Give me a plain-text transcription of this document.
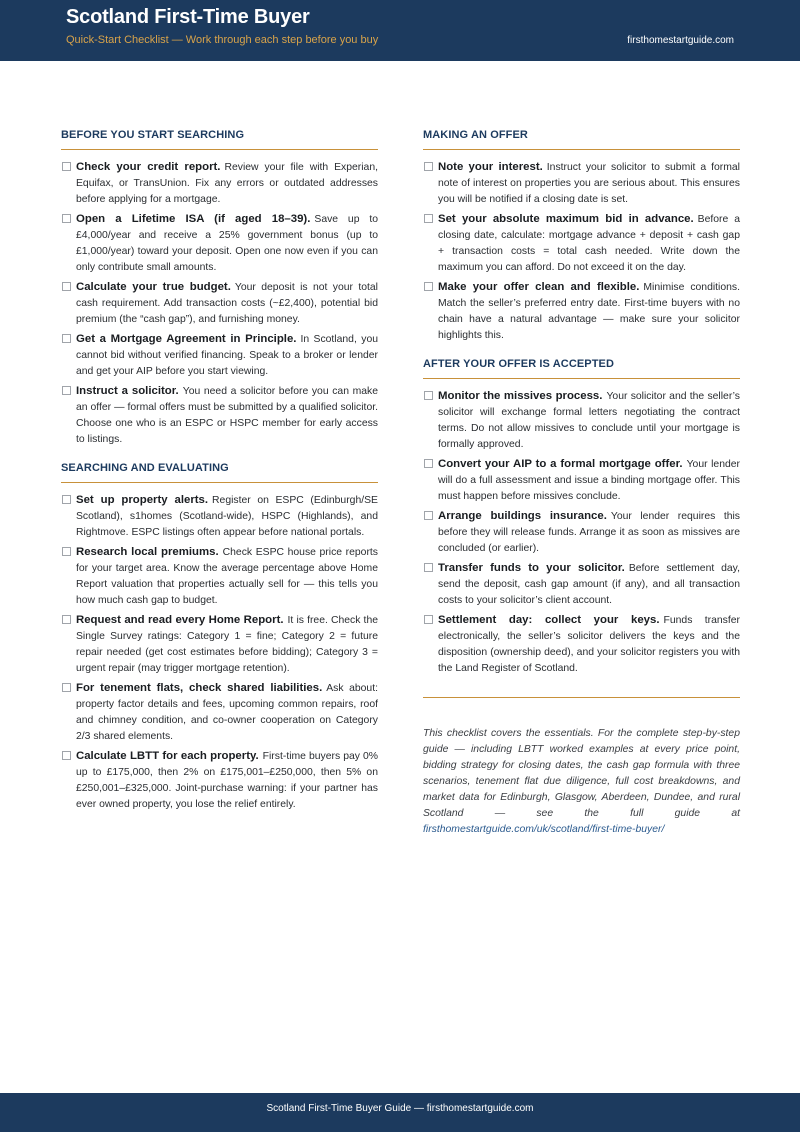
Scotland First-Time Buyer
Quick-Start Checklist — Work through each step before you buy	firsthomestartguide.com
BEFORE YOU START SEARCHING
Check your credit report. Review your file with Experian, Equifax, or TransUnion. Fix any errors or outdated addresses before applying for a mortgage.
Open a Lifetime ISA (if aged 18–39). Save up to £4,000/year and receive a 25% government bonus (up to £1,000/year) toward your deposit. Open one now even if you can only contribute small amounts.
Calculate your true budget. Your deposit is not your total cash requirement. Add transaction costs (~£2,400), potential bid premium (the “cash gap”), and furnishing money.
Get a Mortgage Agreement in Principle. In Scotland, you cannot bid without verified financing. Speak to a broker or lender and get your AIP before you start viewing.
Instruct a solicitor. You need a solicitor before you can make an offer — formal offers must be submitted by a qualified solicitor. Choose one who is an ESPC or HSPC member for early access to listings.
SEARCHING AND EVALUATING
Set up property alerts. Register on ESPC (Edinburgh/SE Scotland), s1homes (Scotland-wide), HSPC (Highlands), and Rightmove. ESPC listings often appear before national portals.
Research local premiums. Check ESPC house price reports for your target area. Know the average percentage above Home Report valuation that properties actually sell for — this tells you how much cash gap to budget.
Request and read every Home Report. It is free. Check the Single Survey ratings: Category 1 = fine; Category 2 = future repair needed (get cost estimates before bidding); Category 3 = urgent repair (may trigger mortgage retention).
For tenement flats, check shared liabilities. Ask about: property factor details and fees, upcoming common repairs, roof and chimney condition, and co-owner cooperation on Category 2/3 shared elements.
Calculate LBTT for each property. First-time buyers pay 0% up to £175,000, then 2% on £175,001–£250,000, then 5% on £250,001–£325,000. Joint-purchase warning: if your partner has ever owned property, you lose the relief entirely.
MAKING AN OFFER
Note your interest. Instruct your solicitor to submit a formal note of interest on properties you are serious about. This ensures you will be notified if a closing date is set.
Set your absolute maximum bid in advance. Before a closing date, calculate: mortgage advance + deposit + cash gap + transaction costs = total cash needed. Write down the maximum you can afford. Do not exceed it on the day.
Make your offer clean and flexible. Minimise conditions. Match the seller’s preferred entry date. First-time buyers with no chain have a natural advantage — make sure your solicitor highlights this.
AFTER YOUR OFFER IS ACCEPTED
Monitor the missives process. Your solicitor and the seller’s solicitor will exchange formal letters negotiating the contract terms. Do not allow missives to conclude until your mortgage is formally approved.
Convert your AIP to a formal mortgage offer. Your lender will do a full assessment and issue a binding mortgage offer. This must happen before missives conclude.
Arrange buildings insurance. Your lender requires this before they will release funds. Arrange it as soon as missives are concluded (or earlier).
Transfer funds to your solicitor. Before settlement day, send the deposit, cash gap amount (if any), and all transaction costs to your solicitor’s client account.
Settlement day: collect your keys. Funds transfer electronically, the seller’s solicitor delivers the keys and the disposition (ownership deed), and your solicitor registers you with the Land Register of Scotland.
This checklist covers the essentials. For the complete step-by-step guide — including LBTT worked examples at every price point, bidding strategy for closing dates, the cash gap formula with three scenarios, tenement flat due diligence, full cost breakdowns, and market data for Edinburgh, Glasgow, Aberdeen, Dundee, and rural Scotland — see the full guide at firsthomestartguide.com/uk/scotland/first-time-buyer/
Scotland First-Time Buyer Guide — firsthomestartguide.com
